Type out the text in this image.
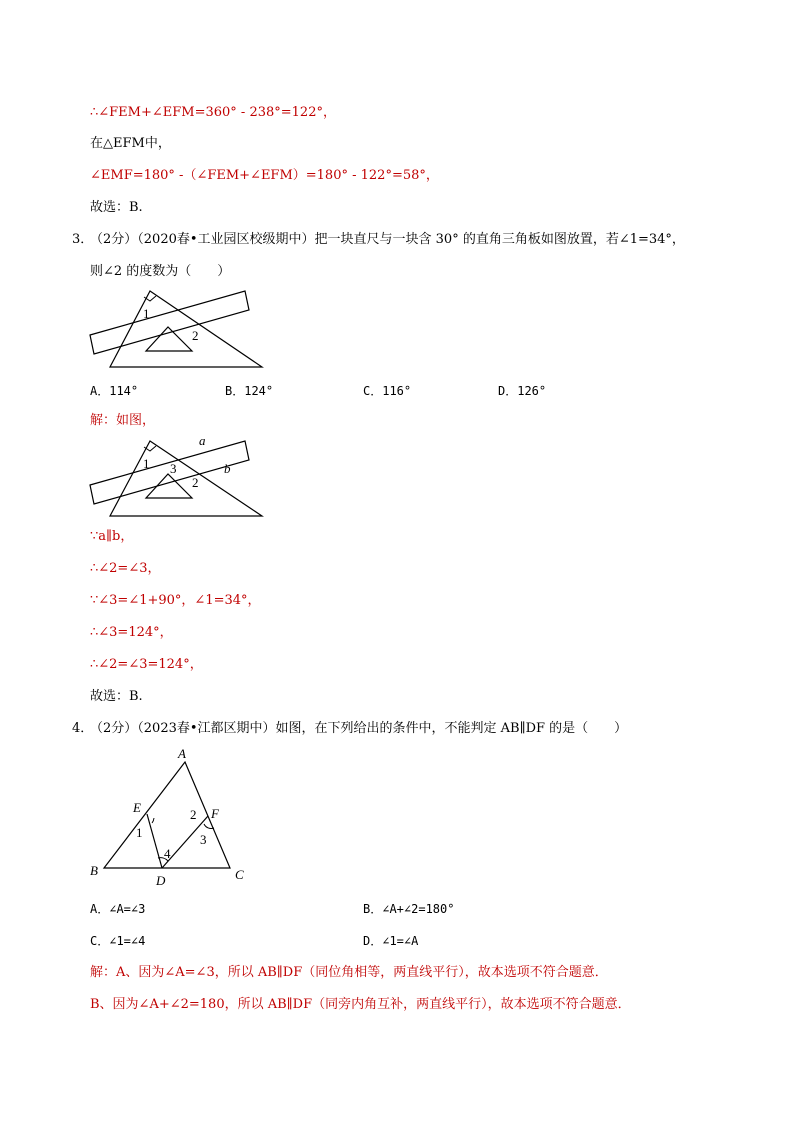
∴∠FEM+∠EFM=360° - 238°=122°，
在△EFM中，
∠EMF=180° -（∠FEM+∠EFM）=180° - 122°=58°，
故选：B.
3．
（2分）（2020春•工业园区校级期中）把一块直尺与一块含 30° 的直角三角板如图放置，若∠1=34°，
则∠2 的度数为（　　）
1
2
A．114°	B．124°	C．116°	D．126°
解：如图，
a
b
1
2
3
∵a∥b，
∴∠2=∠3，
∵∠3=∠1+90°，∠1=34°，
∴∠3=124°，
∴∠2=∠3=124°，
故选：B.
4．
（2分）（2023春•江都区期中）如图，在下列给出的条件中，不能判定 AB∥DF 的是（　　）
A
B	C
D
E	F
1
2
3
4
A．∠A=∠3	B．∠A+∠2=180°
C．∠1=∠4	D．∠1=∠A
解：A、因为∠A=∠3，所以 AB∥DF（同位角相等，两直线平行），故本选项不符合题意．
B、因为∠A+∠2=180，所以 AB∥DF（同旁内角互补，两直线平行），故本选项不符合题意．
